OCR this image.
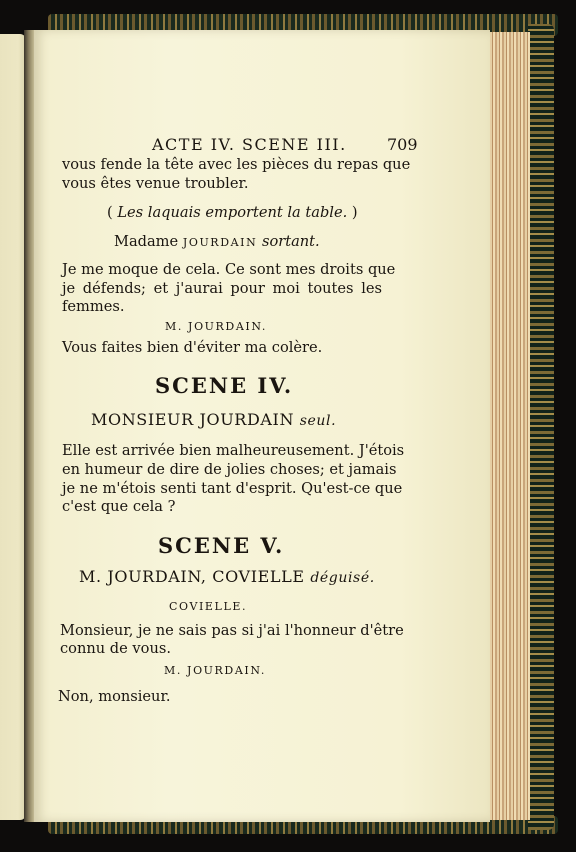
ACTE IV. SCENE III.	709
vous fende la tête avec les pièces du repas que
vous êtes venue troubler.
( Les laquais emportent la table. )
Madame JOURDAIN sortant.
Je me moque de cela. Ce sont mes droits que
je défends; et j'aurai pour moi toutes les
femmes.
M. JOURDAIN.
Vous faites bien d'éviter ma colère.
SCENE IV.
MONSIEUR JOURDAIN seul.
Elle est arrivée bien malheureusement. J'étois
en humeur de dire de jolies choses; et jamais
je ne m'étois senti tant d'esprit. Qu'est-ce que
c'est que cela ?
SCENE V.
M. JOURDAIN, COVIELLE déguisé.
COVIELLE.
Monsieur, je ne sais pas si j'ai l'honneur d'être
connu de vous.
M. JOURDAIN.
Non, monsieur.
